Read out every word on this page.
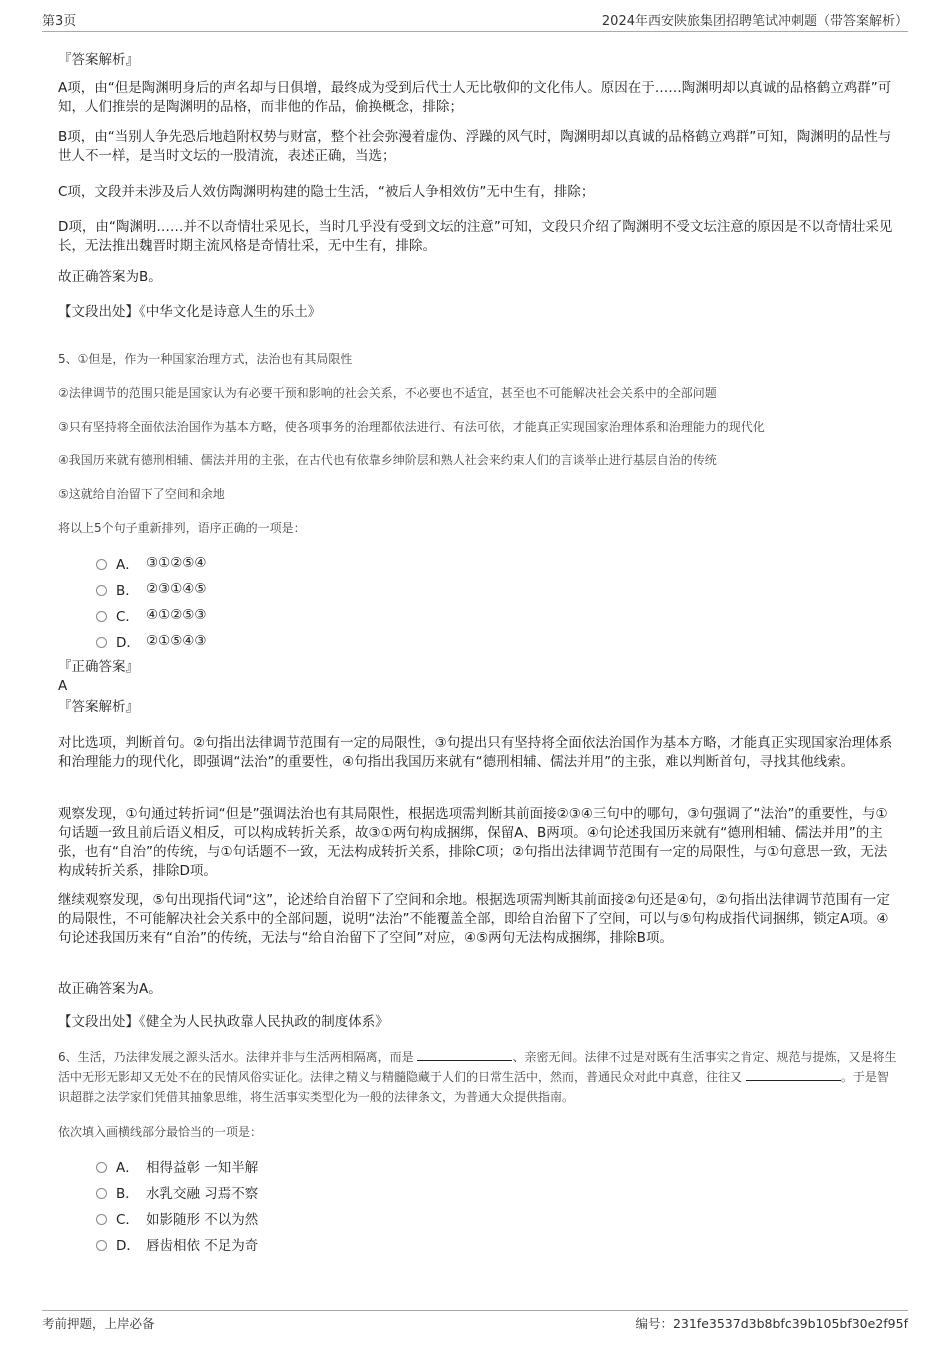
第3页	2024年西安陕旅集团招聘笔试冲刺题（带答案解析）
『答案解析』
A项，由“但是陶渊明身后的声名却与日俱增，最终成为受到后代士人无比敬仰的文化伟人。原因在于……陶渊明却以真诚的品格鹤立鸡群”可知，人们推崇的是陶渊明的品格，而非他的作品，偷换概念，排除；
B项，由“当别人争先恐后地趋附权势与财富，整个社会弥漫着虚伪、浮躁的风气时，陶渊明却以真诚的品格鹤立鸡群”可知，陶渊明的品性与世人不一样，是当时文坛的一股清流，表述正确，当选；
C项，文段并未涉及后人效仿陶渊明构建的隐士生活，“被后人争相效仿”无中生有，排除；
D项，由“陶渊明……并不以奇情壮采见长，当时几乎没有受到文坛的注意”可知，文段只介绍了陶渊明不受文坛注意的原因是不以奇情壮采见长，无法推出魏晋时期主流风格是奇情壮采，无中生有，排除。
故正确答案为B。
【文段出处】《中华文化是诗意人生的乐土》
5、①但是，作为一种国家治理方式，法治也有其局限性
②法律调节的范围只能是国家认为有必要干预和影响的社会关系，不必要也不适宜，甚至也不可能解决社会关系中的全部问题
③只有坚持将全面依法治国作为基本方略，使各项事务的治理都依法进行、有法可依，才能真正实现国家治理体系和治理能力的现代化
④我国历来就有德刑相辅、儒法并用的主张，在古代也有依靠乡绅阶层和熟人社会来约束人们的言谈举止进行基层自治的传统
⑤这就给自治留下了空间和余地
将以上5个句子重新排列，语序正确的一项是：
A． ③①②⑤④
B． ②③①④⑤
C． ④①②⑤③
D． ②①⑤④③
『正确答案』
A
『答案解析』
对比选项，判断首句。②句指出法律调节范围有一定的局限性，③句提出只有坚持将全面依法治国作为基本方略，才能真正实现国家治理体系和治理能力的现代化，即强调“法治”的重要性，④句指出我国历来就有“德刑相辅、儒法并用”的主张，难以判断首句，寻找其他线索。
观察发现，①句通过转折词“但是”强调法治也有其局限性，根据选项需判断其前面接②③④三句中的哪句，③句强调了“法治”的重要性，与①句话题一致且前后语义相反，可以构成转折关系，故③①两句构成捆绑，保留A、B两项。④句论述我国历来就有“德刑相辅、儒法并用”的主张，也有“自治”的传统，与①句话题不一致，无法构成转折关系，排除C项；②句指出法律调节范围有一定的局限性，与①句意思一致，无法构成转折关系，排除D项。
继续观察发现，⑤句出现指代词“这”，论述给自治留下了空间和余地。根据选项需判断其前面接②句还是④句，②句指出法律调节范围有一定的局限性，不可能解决社会关系中的全部问题，说明“法治”不能覆盖全部，即给自治留下了空间，可以与⑤句构成指代词捆绑，锁定A项。④句论述我国历来有“自治”的传统，无法与“给自治留下了空间”对应，④⑤两句无法构成捆绑，排除B项。
故正确答案为A。
【文段出处】《健全为人民执政靠人民执政的制度体系》
6、生活，乃法律发展之源头活水。法律并非与生活两相隔离，而是	、亲密无间。法律不过是对既有生活事实之肯定、规范与提炼，又是将生活中无形无影却又无处不在的民情风俗实证化。法律之精义与精髓隐藏于人们的日常生活中，然而，普通民众对此中真意，往往又	。于是智识超群之法学家们凭借其抽象思维，将生活事实类型化为一般的法律条文，为普通大众提供指南。
依次填入画横线部分最恰当的一项是：
A． 相得益彰 一知半解
B． 水乳交融 习焉不察
C． 如影随形 不以为然
D． 唇齿相依 不足为奇
考前押题，上岸必备	编号：231fe3537d3b8bfc39b105bf30e2f95f
